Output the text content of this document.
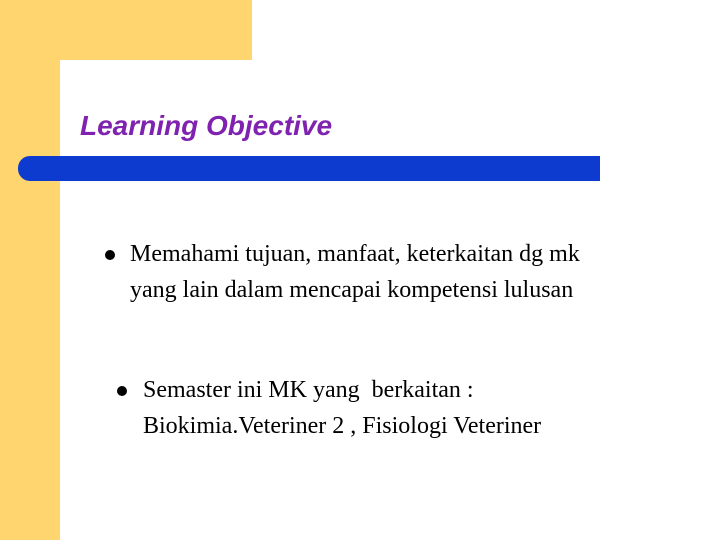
Learning Objective
Memahami tujuan, manfaat, keterkaitan dg mk
yang lain dalam mencapai kompetensi lulusan
Semaster ini MK yang  berkaitan :
Biokimia.Veteriner 2 , Fisiologi Veteriner
